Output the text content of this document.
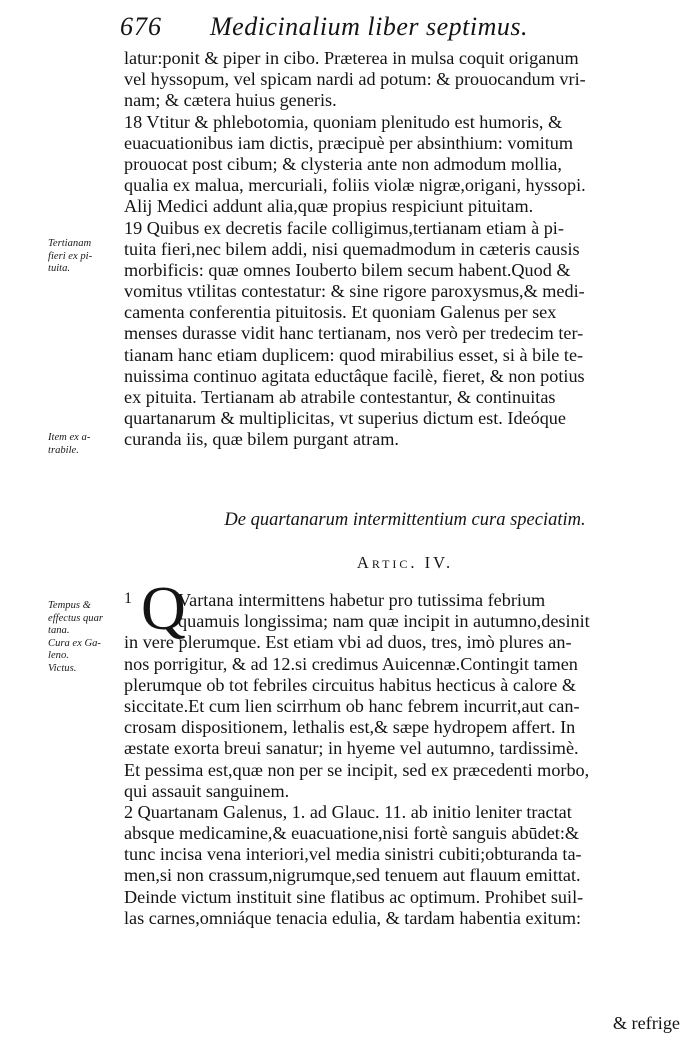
676 Medicinalium liber septimus.
latur:ponit & piper in cibo. Præterea in mulsa coquit origanum
vel hyssopum, vel spicam nardi ad potum: & prouocandum vri-
nam; & cætera huius generis.
18 Vtitur & phlebotomia, quoniam plenitudo est humoris, &
euacuationibus iam dictis, præcipuè per absinthium: vomitum
prouocat post cibum; & clysteria ante non admodum mollia,
qualia ex malua, mercuriali, foliis violæ nigræ,origani, hyssopi.
Alij Medici addunt alia,quæ propius respiciunt pituitam.
19 Quibus ex decretis facile colligimus,tertianam etiam à pi-
tuita fieri,nec bilem addi, nisi quemadmodum in cæteris causis
morbificis: quæ omnes Iouberto bilem secum habent.Quod &
vomitus vtilitas contestatur: & sine rigore paroxysmus,& medi-
camenta conferentia pituitosis. Et quoniam Galenus per sex
menses durasse vidit hanc tertianam, nos verò per tredecim ter-
tianam hanc etiam duplicem: quod mirabilius esset, si à bile te-
nuissima continuo agitata eductâque facilè, fieret, & non potius
ex pituita. Tertianam ab atrabile contestantur, & continuitas
quartanarum & multiplicitas, vt superius dictum est. Ideóque
curanda iis, quæ bilem purgant atram.
Tertianam
fieri ex pi-
tuita.
Item ex a-
trabile.
De quartanarum intermittentium cura speciatim.
Artic. IV.
Tempus &
effectus quar
tana.
Cura ex Ga-
leno.
Victus.
1 Q
Vartana intermittens habetur pro tutissima febrium
quamuis longissima; nam quæ incipit in autumno,desinit
in vere plerumque. Est etiam vbi ad duos, tres, imò plures an-
nos porrigitur, & ad 12.si credimus Auicennæ.Contingit tamen
plerumque ob tot febriles circuitus habitus hecticus à calore &
siccitate.Et cum lien scirrhum ob hanc febrem incurrit,aut can-
crosam dispositionem, lethalis est,& sæpe hydropem affert. In
æstate exorta breui sanatur; in hyeme vel autumno, tardissimè.
Et pessima est,quæ non per se incipit, sed ex præcedenti morbo,
qui assauit sanguinem.
2 Quartanam Galenus, 1. ad Glauc. 11. ab initio leniter tractat
absque medicamine,& euacuatione,nisi fortè sanguis abūdet:&
tunc incisa vena interiori,vel media sinistri cubiti;obturanda ta-
men,si non crassum,nigrumque,sed tenuem aut flauum emittat.
Deinde victum instituit sine flatibus ac optimum. Prohibet suil-
las carnes,omniáque tenacia edulia, & tardam habentia exitum:
& refrige
